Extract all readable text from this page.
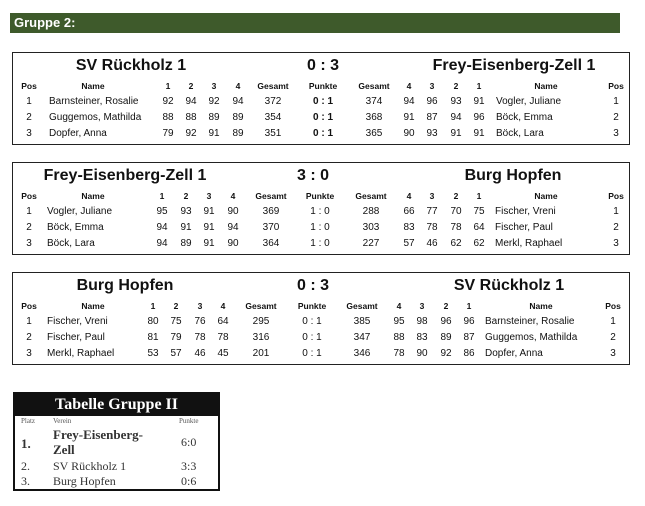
Gruppe 2:
SV Rückholz 1	0 : 3	Frey-Eisenberg-Zell 1
Pos	Name	1 2 3 4 Gesamt Punkte Gesamt 4 3 2 1	Name	Pos
1 Barnsteiner, Rosalie 92 94 92 94 372	0 : 1	374 94 96 93 91 Vogler, Juliane	1
2 Guggemos, Mathilda 88 88 89 89 354	0 : 1	368 91 87 94 96 Böck, Emma	2
3 Dopfer, Anna	79 92 91 89 351	0 : 1	365 90 93 91 91 Böck, Lara	3
Frey-Eisenberg-Zell 1	3 : 0	Burg Hopfen
Pos	Name	1 2 3 4 Gesamt Punkte Gesamt 4 3 2 1	Name	Pos
1 Vogler, Juliane	95 93 91 90 369	1 : 0	288 66 77 70 75 Fischer, Vreni	1
2 Böck, Emma	94 91 91 94 370	1 : 0	303 83 78 78 64 Fischer, Paul	2
3 Böck, Lara	94 89 91 90 364	1 : 0	227 57 46 62 62 Merkl, Raphael	3
Burg Hopfen	0 : 3	SV Rückholz 1
Pos	Name	1 2 3 4 Gesamt Punkte Gesamt 4 3 2 1	Name	Pos
1 Fischer, Vreni	80 75 76 64 295	0 : 1	385 95 98 96 96 Barnsteiner, Rosalie	1
2 Fischer, Paul	81 79 78 78 316	0 : 1	347 88 83 89 87 Guggemos, Mathilda	2
3 Merkl, Raphael	53 57 46 45 201	0 : 1	346 78 90 92 86 Dopfer, Anna	3
Tabelle Gruppe II
Platz	Verein	Punkte
1.
Frey-Eisenberg-
Zell	6:0
2. SV Rückholz 1	3:3
3. Burg Hopfen	0:6
